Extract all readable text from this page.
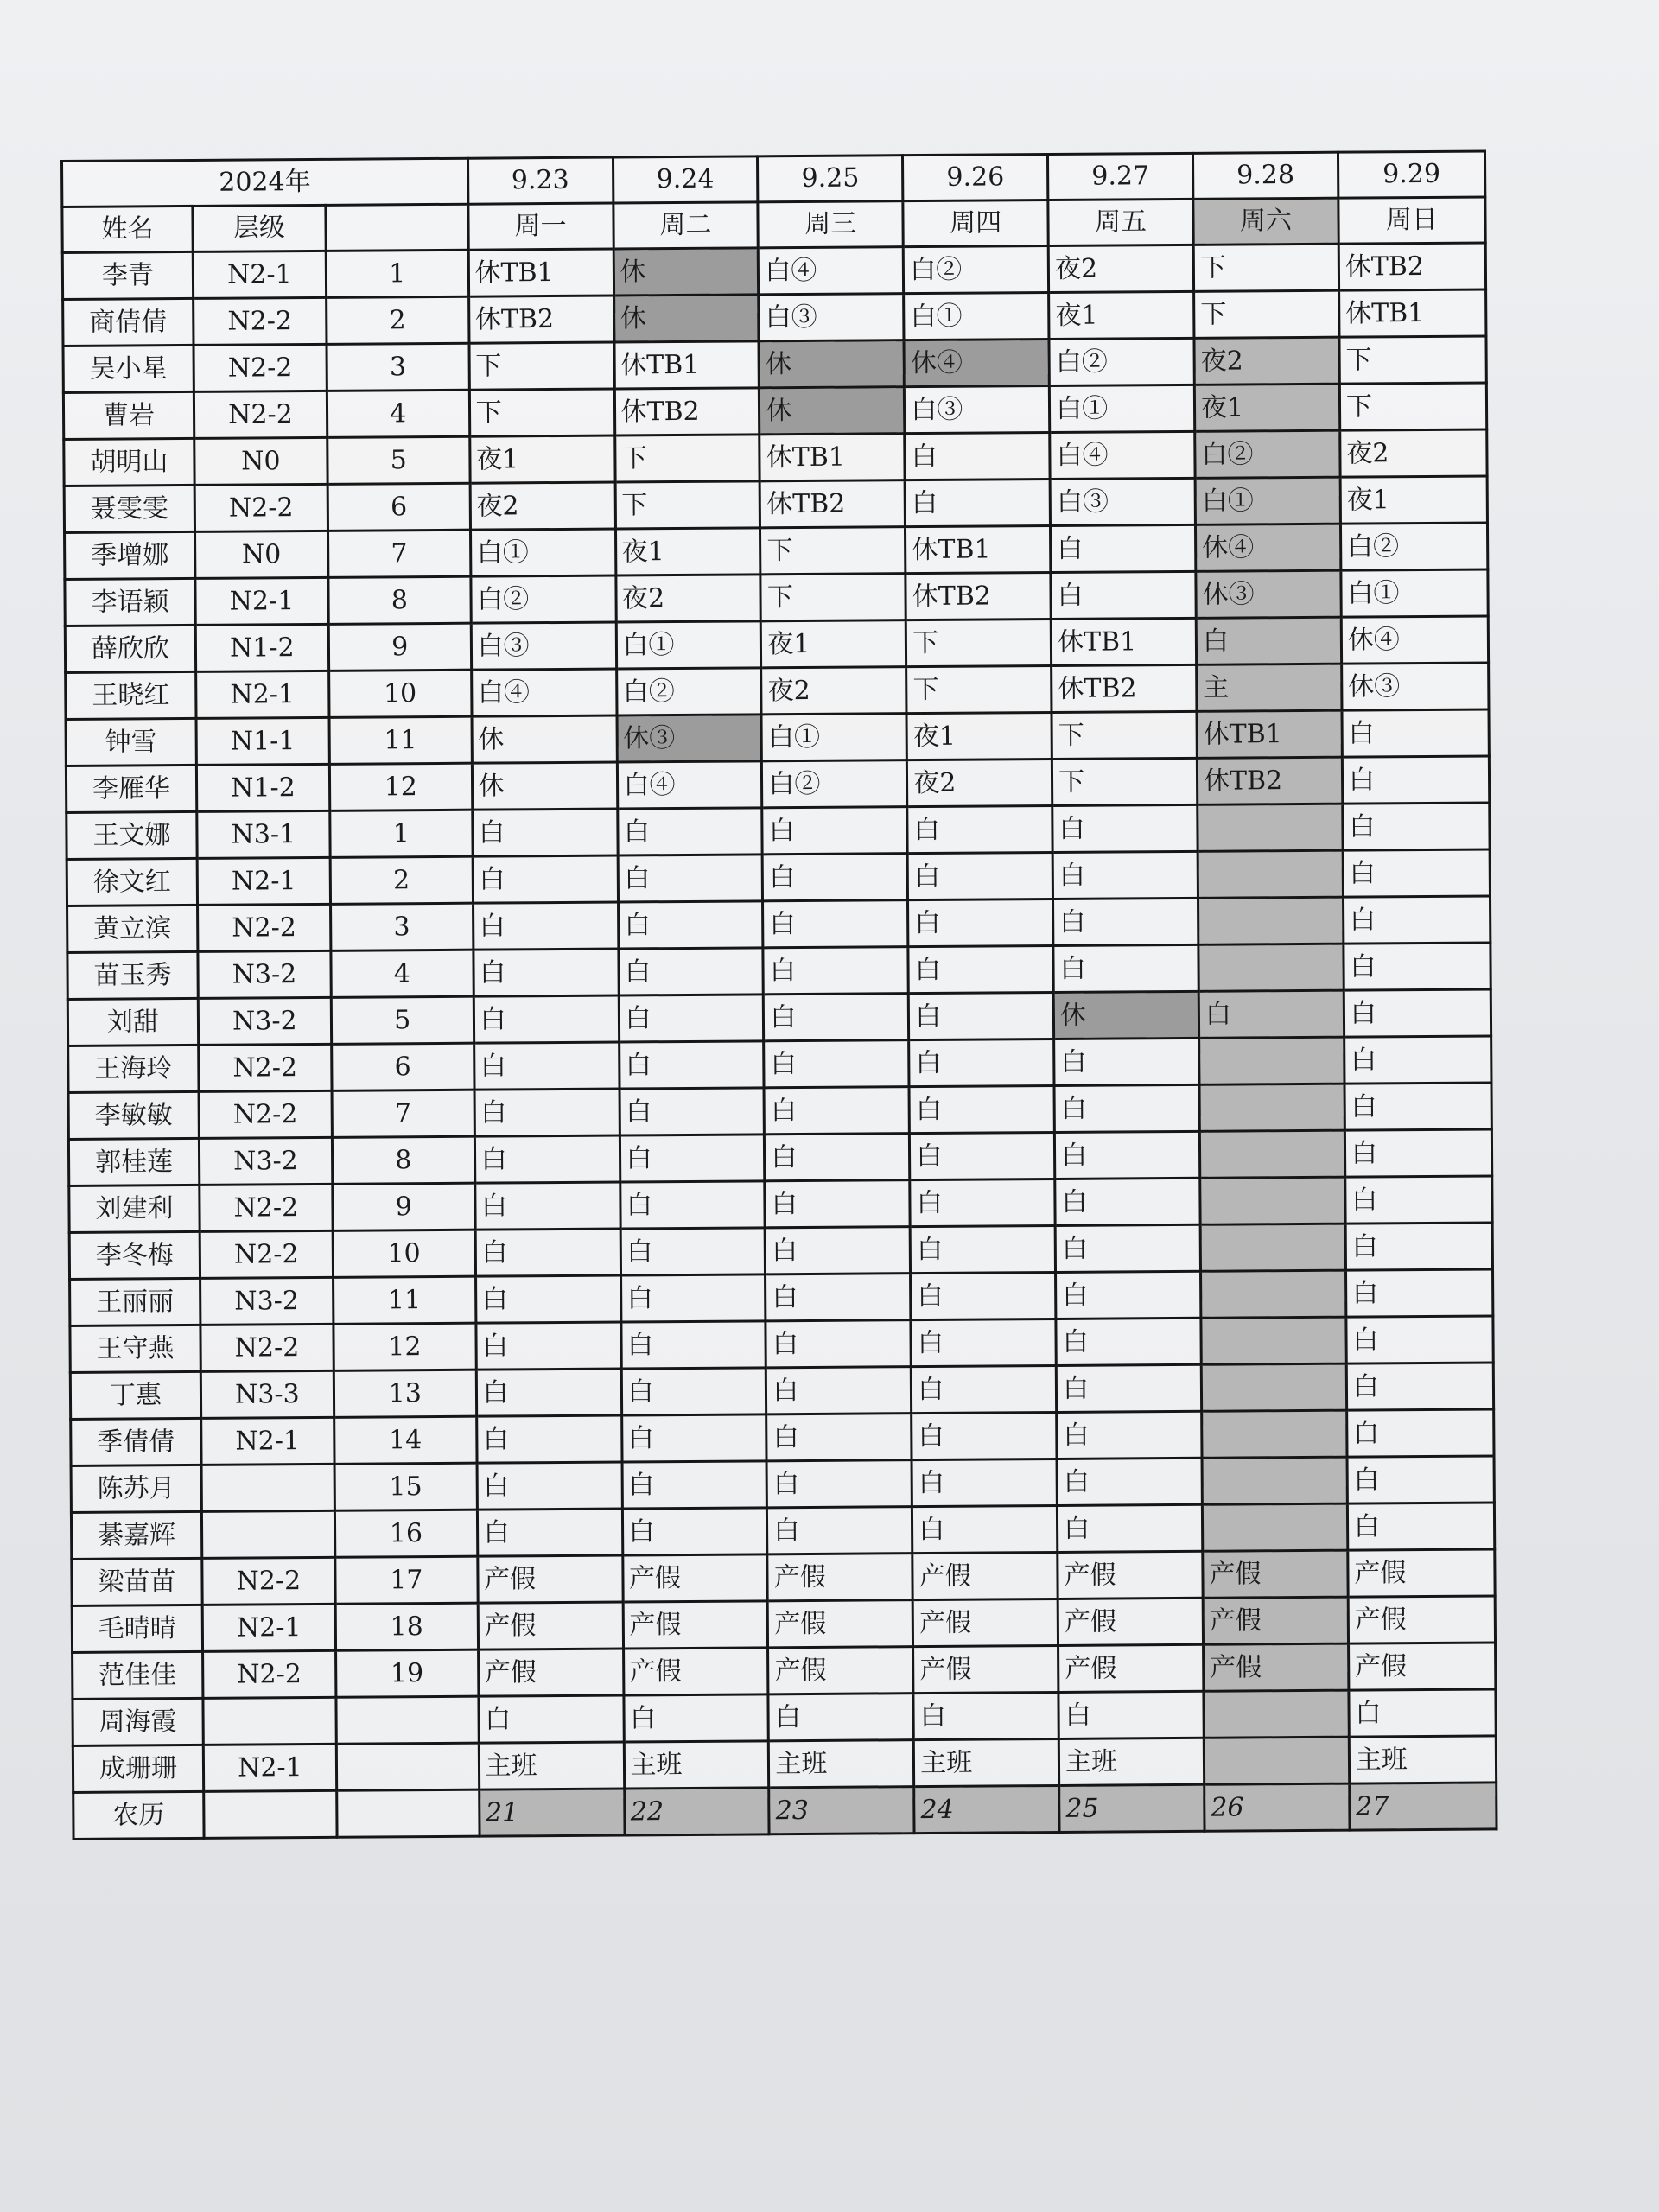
2024年			9.23	9.24	9.25	9.26	9.27	9.28	9.29
姓名	层级		周一	周二	周三	周四	周五	周六	周日
李青	N2-1	1	休TB1	休	白④	白②	夜2	下	休TB2
商倩倩	N2-2	2	休TB2	休	白③	白①	夜1	下	休TB1
吴小星	N2-2	3	下	休TB1	休	休④	白②	夜2	下
曹岩	N2-2	4	下	休TB2	休	白③	白①	夜1	下
胡明山	N0	5	夜1	下	休TB1	白	白④	白②	夜2
聂雯雯	N2-2	6	夜2	下	休TB2	白	白③	白①	夜1
季增娜	N0	7	白①	夜1	下	休TB1	白	休④	白②
李语颖	N2-1	8	白②	夜2	下	休TB2	白	休③	白①
薛欣欣	N1-2	9	白③	白①	夜1	下	休TB1	白	休④
王晓红	N2-1	10	白④	白②	夜2	下	休TB2	主	休③
钟雪	N1-1	11	休	休③	白①	夜1	下	休TB1	白
李雁华	N1-2	12	休	白④	白②	夜2	下	休TB2	白
王文娜	N3-1	1	白	白	白	白	白		白
徐文红	N2-1	2	白	白	白	白	白		白
黄立滨	N2-2	3	白	白	白	白	白		白
苗玉秀	N3-2	4	白	白	白	白	白		白
刘甜	N3-2	5	白	白	白	白	休	白	白
王海玲	N2-2	6	白	白	白	白	白		白
李敏敏	N2-2	7	白	白	白	白	白		白
郭桂莲	N3-2	8	白	白	白	白	白		白
刘建利	N2-2	9	白	白	白	白	白		白
李冬梅	N2-2	10	白	白	白	白	白		白
王丽丽	N3-2	11	白	白	白	白	白		白
王守燕	N2-2	12	白	白	白	白	白		白
丁惠	N3-3	13	白	白	白	白	白		白
季倩倩	N2-1	14	白	白	白	白	白		白
陈苏月		15	白	白	白	白	白		白
綦嘉辉		16	白	白	白	白	白		白
梁苗苗	N2-2	17	产假	产假	产假	产假	产假	产假	产假
毛晴晴	N2-1	18	产假	产假	产假	产假	产假	产假	产假
范佳佳	N2-2	19	产假	产假	产假	产假	产假	产假	产假
周海霞			白	白	白	白	白		白
成珊珊	N2-1		主班	主班	主班	主班	主班		主班
农历			21	22	23	24	25	26	27
